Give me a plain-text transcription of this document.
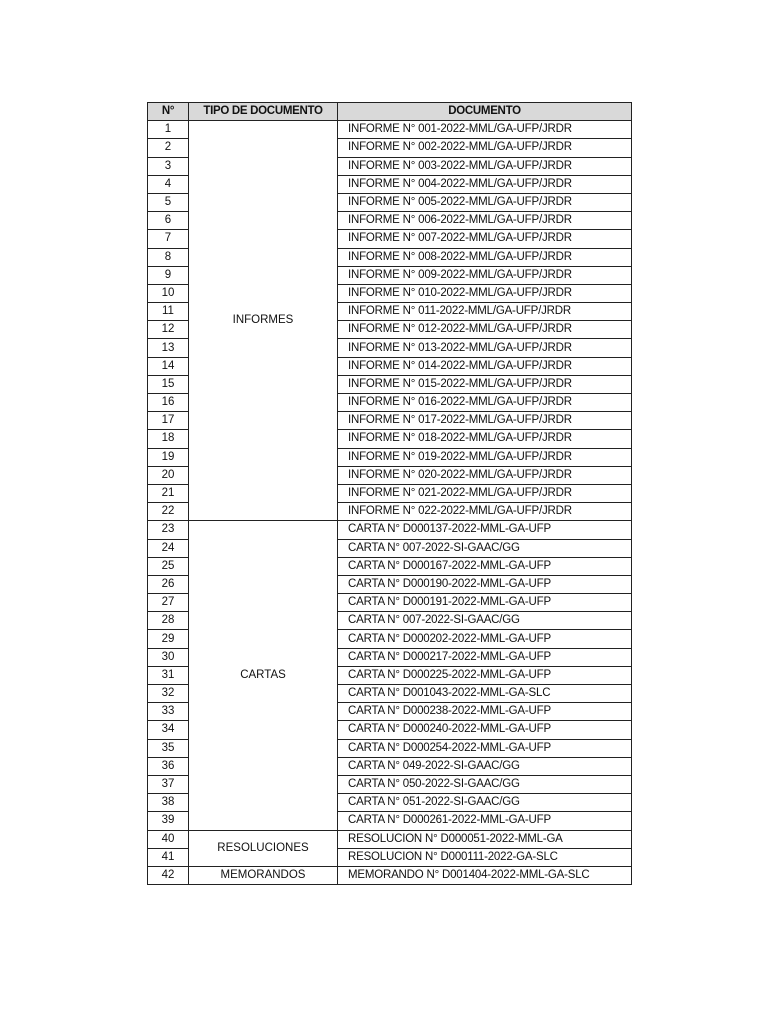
N°	TIPO DE DOCUMENTO	DOCUMENTO
1	INFORMES	INFORME N° 001-2022-MML/GA-UFP/JRDR
2		INFORME N° 002-2022-MML/GA-UFP/JRDR
3		INFORME N° 003-2022-MML/GA-UFP/JRDR
4		INFORME N° 004-2022-MML/GA-UFP/JRDR
5		INFORME N° 005-2022-MML/GA-UFP/JRDR
6		INFORME N° 006-2022-MML/GA-UFP/JRDR
7		INFORME N° 007-2022-MML/GA-UFP/JRDR
8		INFORME N° 008-2022-MML/GA-UFP/JRDR
9		INFORME N° 009-2022-MML/GA-UFP/JRDR
10		INFORME N° 010-2022-MML/GA-UFP/JRDR
11		INFORME N° 011-2022-MML/GA-UFP/JRDR
12		INFORME N° 012-2022-MML/GA-UFP/JRDR
13		INFORME N° 013-2022-MML/GA-UFP/JRDR
14		INFORME N° 014-2022-MML/GA-UFP/JRDR
15		INFORME N° 015-2022-MML/GA-UFP/JRDR
16		INFORME N° 016-2022-MML/GA-UFP/JRDR
17		INFORME N° 017-2022-MML/GA-UFP/JRDR
18		INFORME N° 018-2022-MML/GA-UFP/JRDR
19		INFORME N° 019-2022-MML/GA-UFP/JRDR
20		INFORME N° 020-2022-MML/GA-UFP/JRDR
21		INFORME N° 021-2022-MML/GA-UFP/JRDR
22		INFORME N° 022-2022-MML/GA-UFP/JRDR
23	CARTAS	CARTA N° D000137-2022-MML-GA-UFP
24		CARTA N° 007-2022-SI-GAAC/GG
25		CARTA N° D000167-2022-MML-GA-UFP
26		CARTA N° D000190-2022-MML-GA-UFP
27		CARTA N° D000191-2022-MML-GA-UFP
28		CARTA N° 007-2022-SI-GAAC/GG
29		CARTA N° D000202-2022-MML-GA-UFP
30		CARTA N° D000217-2022-MML-GA-UFP
31		CARTA N° D000225-2022-MML-GA-UFP
32		CARTA N° D001043-2022-MML-GA-SLC
33		CARTA N° D000238-2022-MML-GA-UFP
34		CARTA N° D000240-2022-MML-GA-UFP
35		CARTA N° D000254-2022-MML-GA-UFP
36		CARTA N° 049-2022-SI-GAAC/GG
37		CARTA N° 050-2022-SI-GAAC/GG
38		CARTA N° 051-2022-SI-GAAC/GG
39		CARTA N° D000261-2022-MML-GA-UFP
40	RESOLUCIONES	RESOLUCION N° D000051-2022-MML-GA
41		RESOLUCION N° D000111-2022-GA-SLC
42	MEMORANDOS	MEMORANDO N° D001404-2022-MML-GA-SLC
